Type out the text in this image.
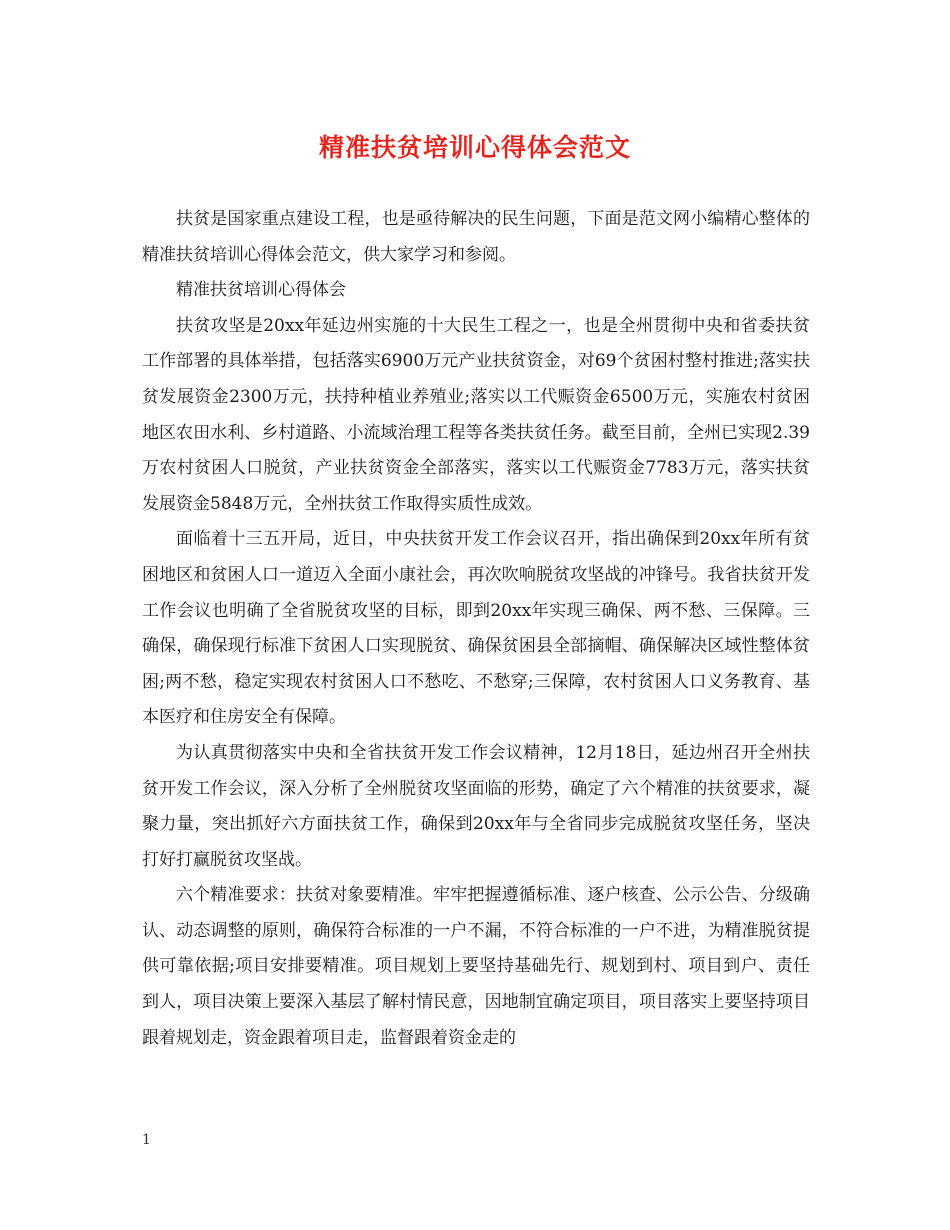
精准扶贫培训心得体会范文

扶贫是国家重点建设工程，也是亟待解决的民生问题，下面是范文网小编精心整体的精准扶贫培训心得体会范文，供大家学习和参阅。

精准扶贫培训心得体会

扶贫攻坚是20xx年延边州实施的十大民生工程之一，也是全州贯彻中央和省委扶贫工作部署的具体举措，包括落实6900万元产业扶贫资金，对69个贫困村整村推进;落实扶贫发展资金2300万元，扶持种植业养殖业;落实以工代赈资金6500万元，实施农村贫困地区农田水利、乡村道路、小流域治理工程等各类扶贫任务。截至目前，全州已实现2.39万农村贫困人口脱贫，产业扶贫资金全部落实，落实以工代赈资金7783万元，落实扶贫发展资金5848万元，全州扶贫工作取得实质性成效。

面临着十三五开局，近日，中央扶贫开发工作会议召开，指出确保到20xx年所有贫困地区和贫困人口一道迈入全面小康社会，再次吹响脱贫攻坚战的冲锋号。我省扶贫开发工作会议也明确了全省脱贫攻坚的目标，即到20xx年实现三确保、两不愁、三保障。三确保，确保现行标准下贫困人口实现脱贫、确保贫困县全部摘帽、确保解决区域性整体贫困;两不愁，稳定实现农村贫困人口不愁吃、不愁穿;三保障，农村贫困人口义务教育、基本医疗和住房安全有保障。

为认真贯彻落实中央和全省扶贫开发工作会议精神，12月18日，延边州召开全州扶贫开发工作会议，深入分析了全州脱贫攻坚面临的形势，确定了六个精准的扶贫要求，凝聚力量，突出抓好六方面扶贫工作，确保到20xx年与全省同步完成脱贫攻坚任务，坚决打好打赢脱贫攻坚战。

六个精准要求：扶贫对象要精准。牢牢把握遵循标准、逐户核查、公示公告、分级确认、动态调整的原则，确保符合标准的一户不漏，不符合标准的一户不进，为精准脱贫提供可靠依据;项目安排要精准。项目规划上要坚持基础先行、规划到村、项目到户、责任到人，项目决策上要深入基层了解村情民意，因地制宜确定项目，项目落实上要坚持项目跟着规划走，资金跟着项目走，监督跟着资金走的

1
